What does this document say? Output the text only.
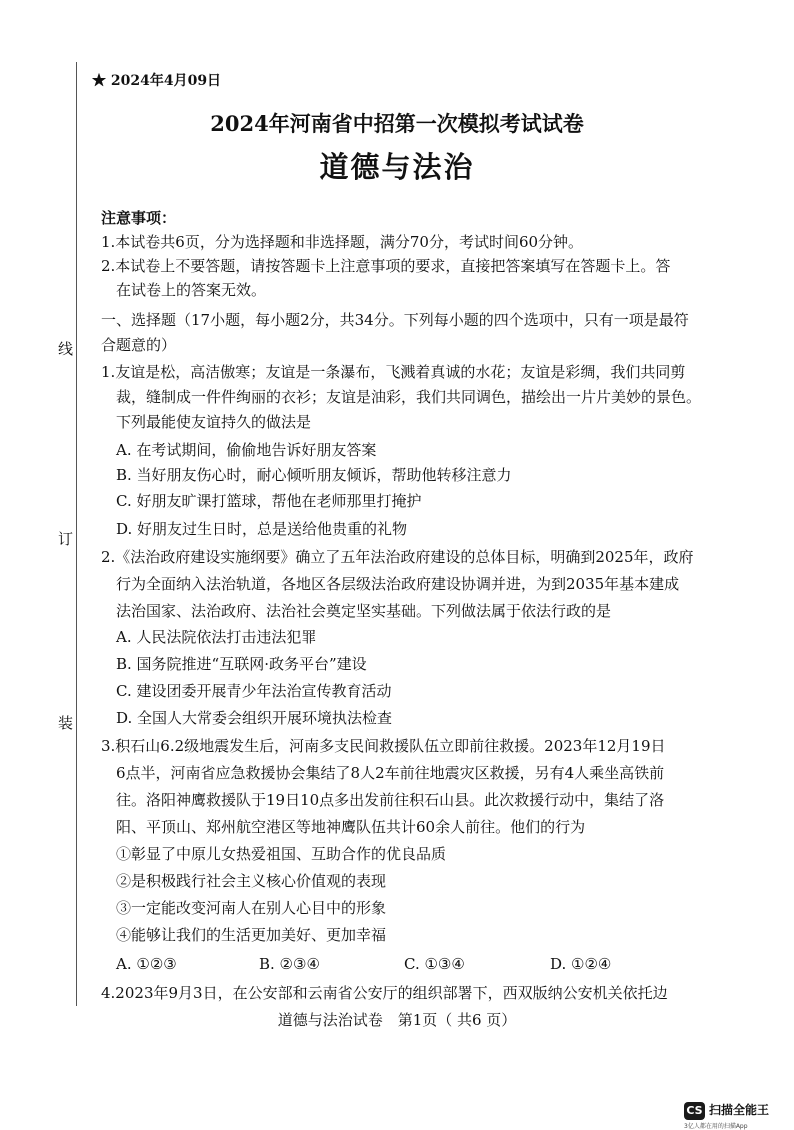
线
订
装
★ 2024年4月09日
2024年河南省中招第一次模拟考试试卷
道德与法治
注意事项：
1.本试卷共6页，分为选择题和非选择题，满分70分，考试时间60分钟。
2.本试卷上不要答题，请按答题卡上注意事项的要求，直接把答案填写在答题卡上。答
在试卷上的答案无效。
一、选择题（17小题，每小题2分，共34分。下列每小题的四个选项中，只有一项是最符
合题意的）
1.友谊是松，高洁傲寒；友谊是一条瀑布，飞溅着真诚的水花；友谊是彩绸，我们共同剪
裁，缝制成一件件绚丽的衣衫；友谊是油彩，我们共同调色，描绘出一片片美妙的景色。
下列最能使友谊持久的做法是
A. 在考试期间，偷偷地告诉好朋友答案
B. 当好朋友伤心时，耐心倾听朋友倾诉，帮助他转移注意力
C. 好朋友旷课打篮球，帮他在老师那里打掩护
D. 好朋友过生日时，总是送给他贵重的礼物
2.《法治政府建设实施纲要》确立了五年法治政府建设的总体目标，明确到2025年，政府
行为全面纳入法治轨道，各地区各层级法治政府建设协调并进，为到2035年基本建成
法治国家、法治政府、法治社会奠定坚实基础。下列做法属于依法行政的是
A. 人民法院依法打击违法犯罪
B. 国务院推进“互联网·政务平台”建设
C. 建设团委开展青少年法治宣传教育活动
D. 全国人大常委会组织开展环境执法检查
3.积石山6.2级地震发生后，河南多支民间救援队伍立即前往救援。2023年12月19日
6点半，河南省应急救援协会集结了8人2车前往地震灾区救援，另有4人乘坐高铁前
往。洛阳神鹰救援队于19日10点多出发前往积石山县。此次救援行动中，集结了洛
阳、平顶山、郑州航空港区等地神鹰队伍共计60余人前往。他们的行为
①彰显了中原儿女热爱祖国、互助合作的优良品质
②是积极践行社会主义核心价值观的表现
③一定能改变河南人在别人心目中的形象
④能够让我们的生活更加美好、更加幸福
A. ①②③	B. ②③④	C. ①③④	D. ①②④
4.2023年9月3日，在公安部和云南省公安厅的组织部署下，西双版纳公安机关依托边
道德与法治试卷　第1页（ 共6 页）
CS 扫描全能王
3亿人都在用的扫描App
